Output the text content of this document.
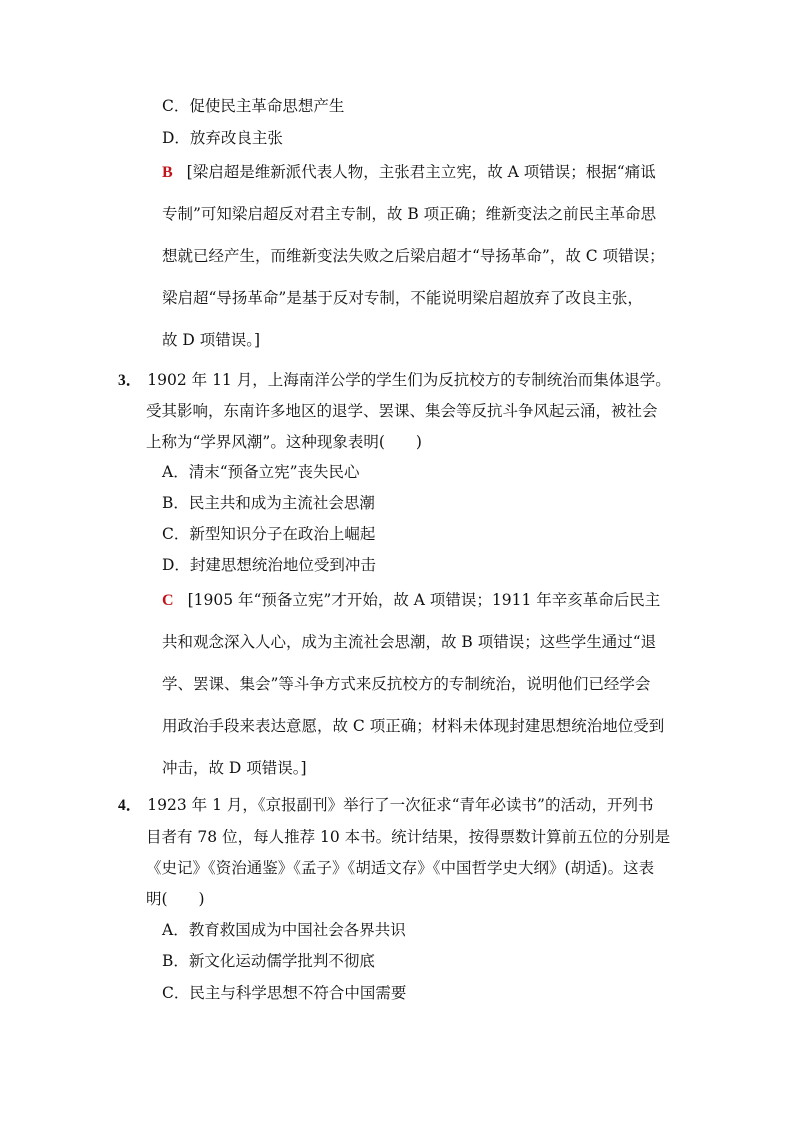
C．促使民主革命思想产生
D．放弃改良主张
B [梁启超是维新派代表人物，主张君主立宪，故 A 项错误；根据“痛诋
专制”可知梁启超反对君主专制，故 B 项正确；维新变法之前民主革命思
想就已经产生，而维新变法失败之后梁启超才“导扬革命”，故 C 项错误；
梁启超“导扬革命”是基于反对专制，不能说明梁启超放弃了改良主张，
故 D 项错误。]
3． 1902 年 11 月，上海南洋公学的学生们为反抗校方的专制统治而集体退学。
受其影响，东南许多地区的退学、罢课、集会等反抗斗争风起云涌，被社会
上称为“学界风潮”。这种现象表明(　　)
A．清末“预备立宪”丧失民心
B．民主共和成为主流社会思潮
C．新型知识分子在政治上崛起
D．封建思想统治地位受到冲击
C [1905 年“预备立宪”才开始，故 A 项错误；1911 年辛亥革命后民主
共和观念深入人心，成为主流社会思潮，故 B 项错误；这些学生通过“退
学、罢课、集会”等斗争方式来反抗校方的专制统治，说明他们已经学会
用政治手段来表达意愿，故 C 项正确；材料未体现封建思想统治地位受到
冲击，故 D 项错误。]
4． 1923 年 1 月，《京报副刊》举行了一次征求“青年必读书”的活动，开列书
目者有 78 位，每人推荐 10 本书。统计结果，按得票数计算前五位的分别是
《史记》《资治通鉴》《孟子》《胡适文存》《中国哲学史大纲》(胡适)。这表
明(　　)
A．教育救国成为中国社会各界共识
B．新文化运动儒学批判不彻底
C．民主与科学思想不符合中国需要
